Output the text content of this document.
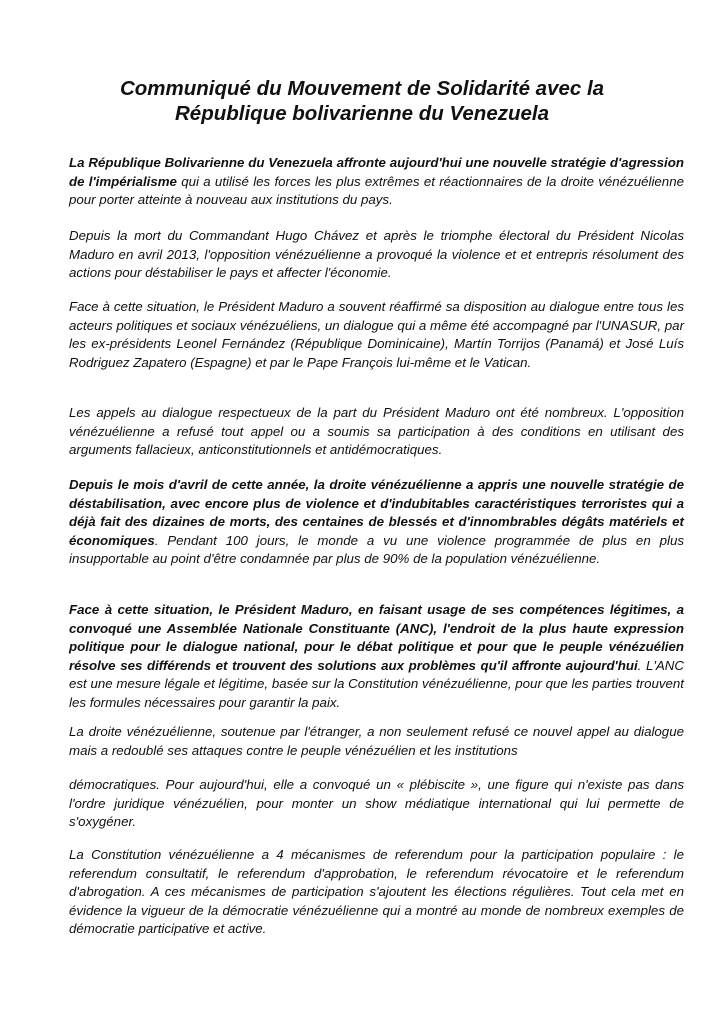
Communiqué du Mouvement de Solidarité avec la
République bolivarienne du Venezuela

La République Bolivarienne du Venezuela affronte aujourd'hui une nouvelle stratégie d'agression de l'impérialisme qui a utilisé les forces les plus extrêmes et réactionnaires de la droite vénézuélienne pour porter atteinte à nouveau aux institutions du pays.

Depuis la mort du Commandant Hugo Chávez et après le triomphe électoral du Président Nicolas Maduro en avril 2013, l'opposition vénézuélienne a provoqué la violence et et entrepris résolument des actions pour déstabiliser le pays et affecter l'économie.

Face à cette situation, le Président Maduro a souvent réaffirmé sa disposition au dialogue entre tous les acteurs politiques et sociaux vénézuéliens, un dialogue qui a même été accompagné par l'UNASUR, par les ex-présidents Leonel Fernández (République Dominicaine), Martín Torrijos (Panamá) et José Luís Rodriguez Zapatero (Espagne) et par le Pape François lui-même et le Vatican.

Les appels au dialogue respectueux de la part du Président Maduro ont été nombreux. L'opposition vénézuélienne a refusé tout appel ou a soumis sa participation à des conditions en utilisant des arguments fallacieux, anticonstitutionnels et antidémocratiques.

Depuis le mois d'avril de cette année, la droite vénézuélienne a appris une nouvelle stratégie de déstabilisation, avec encore plus de violence et d'indubitables caractéristiques terroristes qui a déjà fait des dizaines de morts, des centaines de blessés et d'innombrables dégâts matériels et économiques. Pendant 100 jours, le monde a vu une violence programmée de plus en plus insupportable au point d'être condamnée par plus de 90% de la population vénézuélienne.

Face à cette situation, le Président Maduro, en faisant usage de ses compétences légitimes, a convoqué une Assemblée Nationale Constituante (ANC), l'endroit de la plus haute expression politique pour le dialogue national, pour le débat politique et pour que le peuple vénézuélien résolve ses différends et trouvent des solutions aux problèmes qu'il affronte aujourd'hui. L'ANC est une mesure légale et légitime, basée sur la Constitution vénézuélienne, pour que les parties trouvent les formules nécessaires pour garantir la paix.

La droite vénézuélienne, soutenue par l'étranger, a non seulement refusé ce nouvel appel au dialogue mais a redoublé ses attaques contre le peuple vénézuélien et les institutions

démocratiques. Pour aujourd'hui, elle a convoqué un « plébiscite », une figure qui n'existe pas dans l'ordre juridique vénézuélien, pour monter un show médiatique international qui lui permette de s'oxygéner.

La Constitution vénézuélienne a 4 mécanismes de referendum pour la participation populaire : le referendum consultatif, le referendum d'approbation, le referendum révocatoire et le referendum d'abrogation. A ces mécanismes de participation s'ajoutent les élections régulières. Tout cela met en évidence la vigueur de la démocratie vénézuélienne qui a montré au monde de nombreux exemples de démocratie participative et active.
